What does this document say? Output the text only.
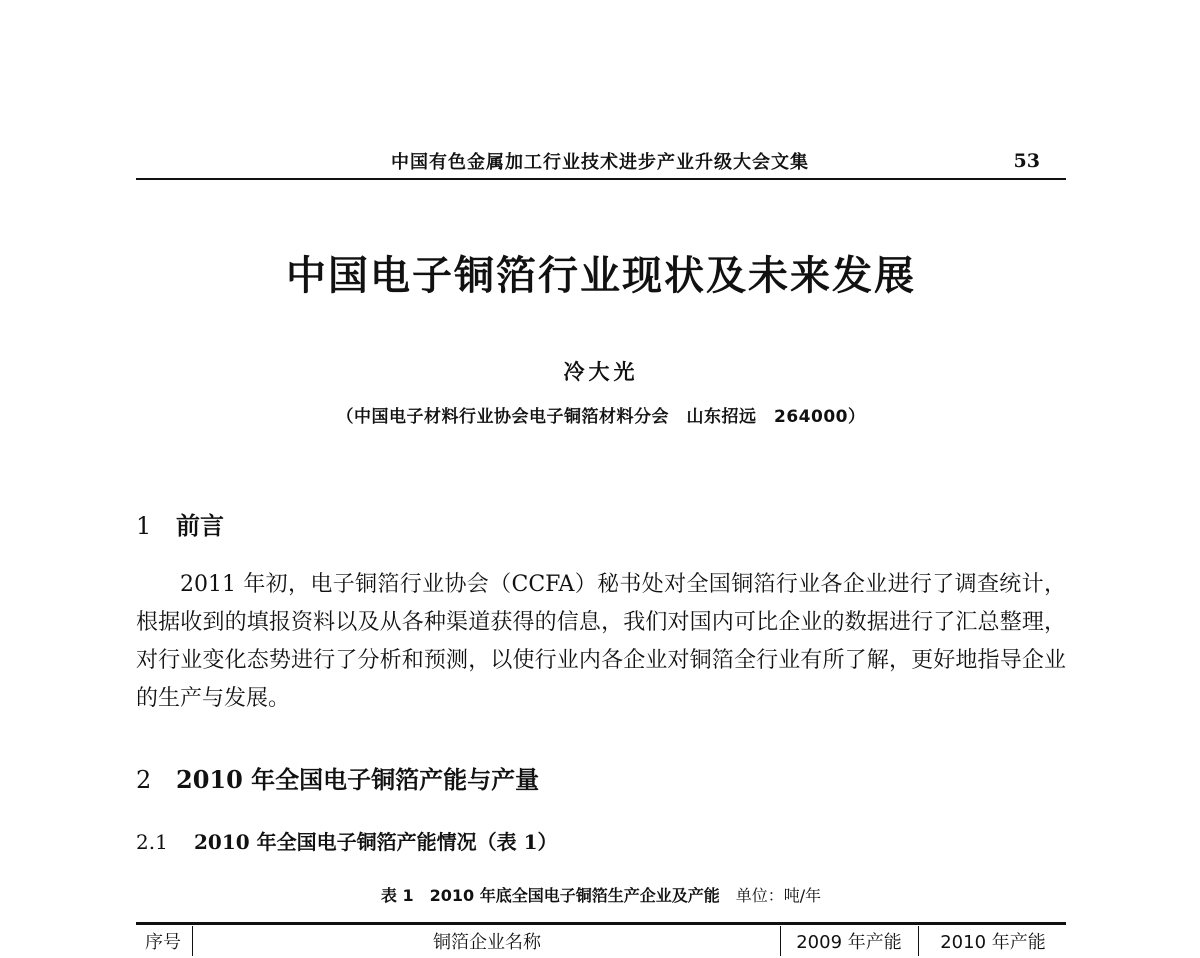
中国有色金属加工行业技术进步产业升级大会文集	53
中国电子铜箔行业现状及未来发展
冷大光
（中国电子材料行业协会电子铜箔材料分会　山东招远　264000）
1 前言
2011 年初，电子铜箔行业协会（CCFA）秘书处对全国铜箔行业各企业进行了调查统计，根据收到的填报资料以及从各种渠道获得的信息，我们对国内可比企业的数据进行了汇总整理，对行业变化态势进行了分析和预测，以使行业内各企业对铜箔全行业有所了解，更好地指导企业的生产与发展。
2 2010 年全国电子铜箔产能与产量
2.1 2010 年全国电子铜箔产能情况（表 1）
表 1　2010 年底全国电子铜箔生产企业及产能 单位：吨/年
序号	铜箔企业名称	2009 年产能	2010 年产能
